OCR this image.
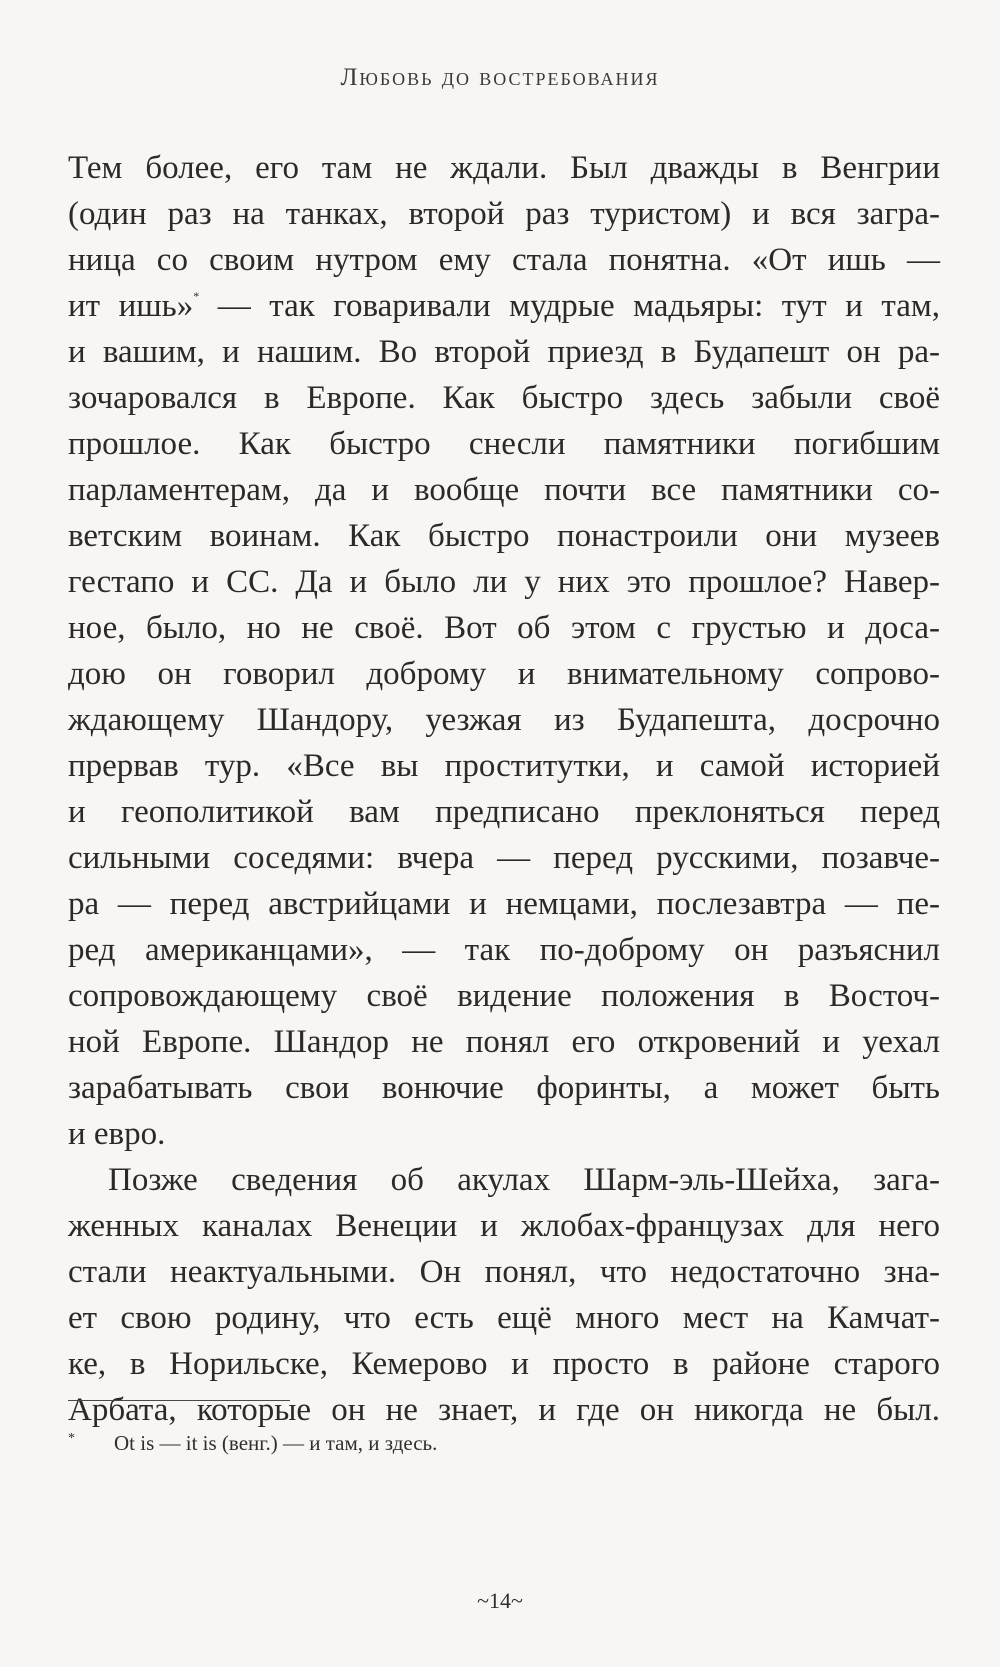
Любовь до востребования
Тем более, его там не ждали. Был дважды в Венгрии
(один раз на танках, второй раз туристом) и вся загра-
ница со своим нутром ему стала понятна. «От ишь —
ит ишь»* — так говаривали мудрые мадьяры: тут и там,
и вашим, и нашим. Во второй приезд в Будапешт он ра-
зочаровался в Европе. Как быстро здесь забыли своё
прошлое. Как быстро снесли памятники погибшим
парламентерам, да и вообще почти все памятники со-
ветским воинам. Как быстро понастроили они музеев
гестапо и СС. Да и было ли у них это прошлое? Навер-
ное, было, но не своё. Вот об этом с грустью и доса-
дою он говорил доброму и внимательному сопрово-
ждающему Шандору, уезжая из Будапешта, досрочно
прервав тур. «Все вы проститутки, и самой историей
и геополитикой вам предписано преклоняться перед
сильными соседями: вчера — перед русскими, позавче-
ра — перед австрийцами и немцами, послезавтра — пе-
ред американцами», — так по-доброму он разъяснил
сопровождающему своё видение положения в Восточ-
ной Европе. Шандор не понял его откровений и уехал
зарабатывать свои вонючие форинты, а может быть
и евро.
Позже сведения об акулах Шарм-эль-Шейха, зага-
женных каналах Венеции и жлобах-французах для него
стали неактуальными. Он понял, что недостаточно зна-
ет свою родину, что есть ещё много мест на Камчат-
ке, в Норильске, Кемерово и просто в районе старого
Арбата, которые он не знает, и где он никогда не был.
* Ot is — it is (венг.) — и там, и здесь.
~14~
